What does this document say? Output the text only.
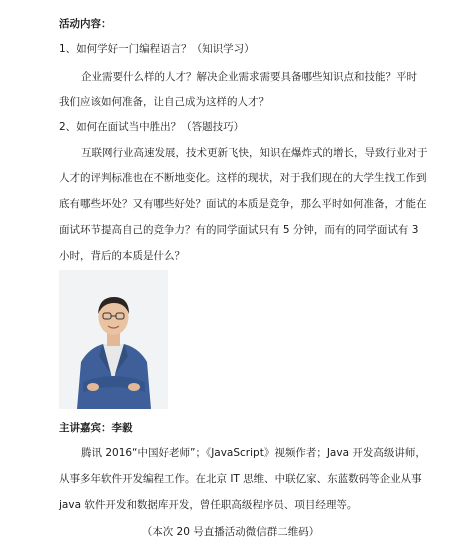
活动内容：
1、如何学好一门编程语言？（知识学习）
企业需要什么样的人才？解决企业需求需要具备哪些知识点和技能？平时
我们应该如何准备，让自己成为这样的人才？
2、如何在面试当中胜出？（答题技巧）
互联网行业高速发展，技术更新飞快，知识在爆炸式的增长，导致行业对于
人才的评判标准也在不断地变化。这样的现状，对于我们现在的大学生找工作到
底有哪些坏处？又有哪些好处？面试的本质是竞争，那么平时如何准备，才能在
面试环节提高自己的竞争力？有的同学面试只有 5 分钟，而有的同学面试有 3
小时，背后的本质是什么？
主讲嘉宾：李毅
腾讯 2016“中国好老师”；《JavaScript》视频作者；Java 开发高级讲师，
从事多年软件开发编程工作。在北京 IT 思维、中联亿家、东蓝数码等企业从事
java 软件开发和数据库开发，曾任职高级程序员、项目经理等。
（本次 20 号直播活动微信群二维码）
